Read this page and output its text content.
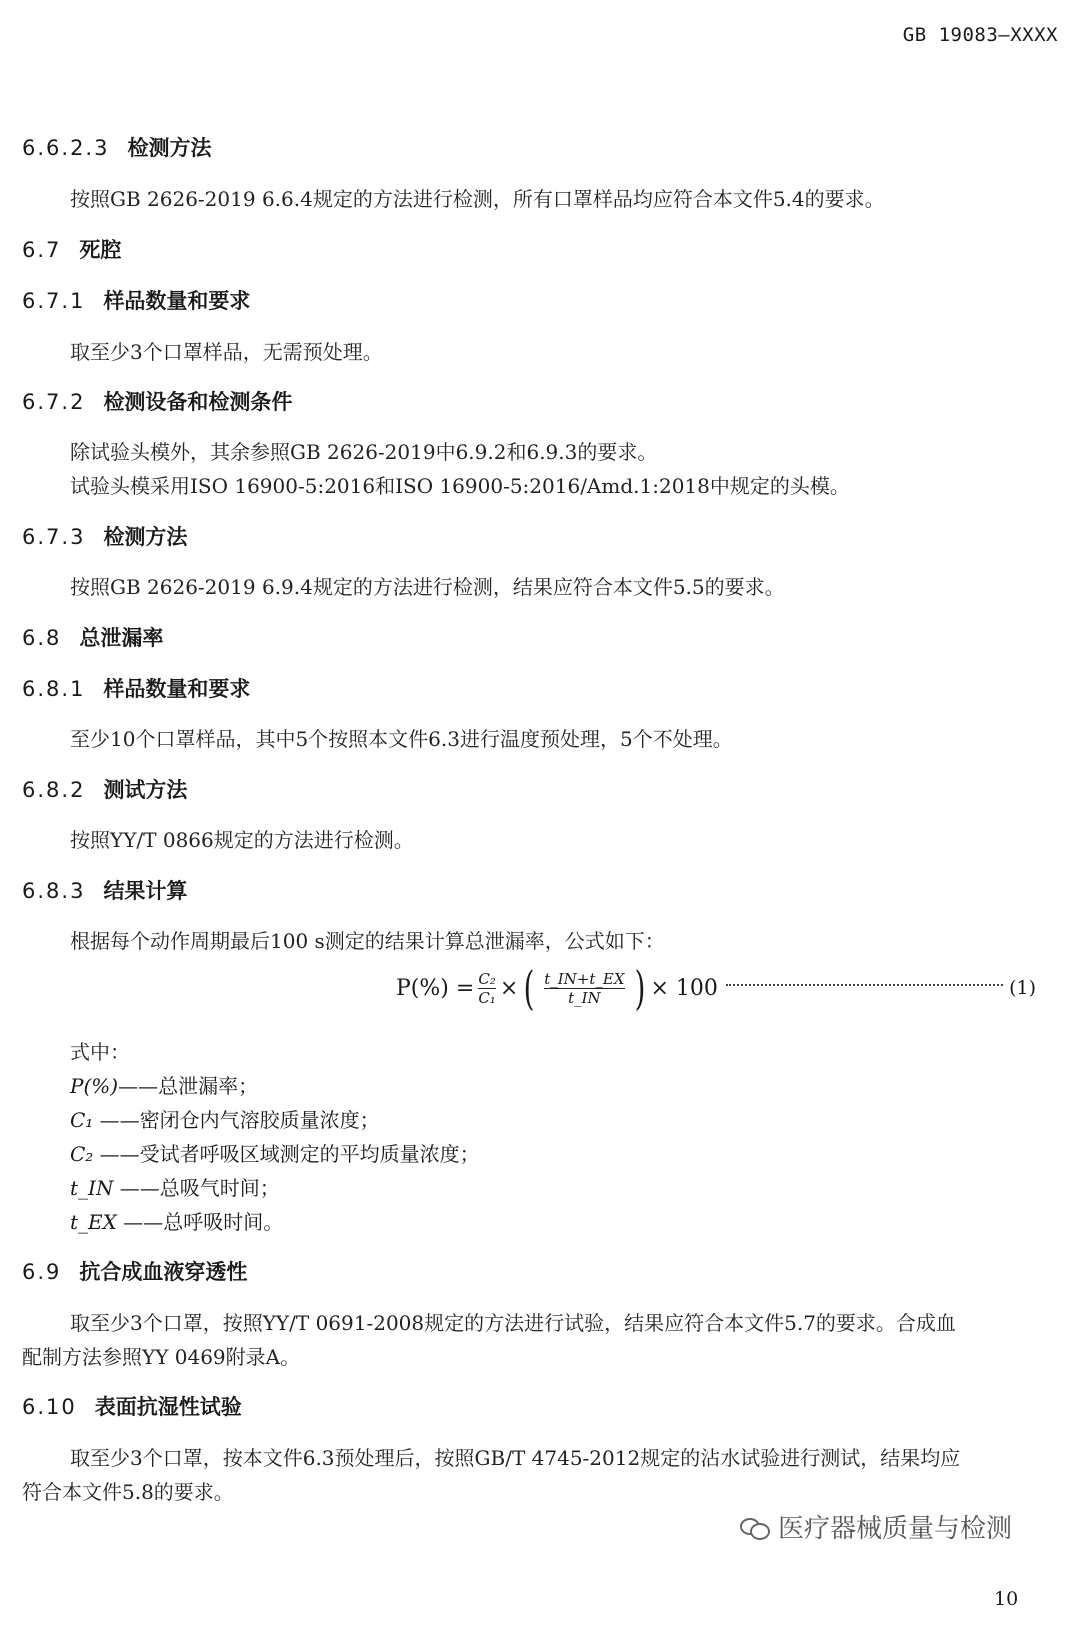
GB 19083—XXXX
6.6.2.3 检测方法
按照GB 2626-2019 6.6.4规定的方法进行检测，所有口罩样品均应符合本文件5.4的要求。
6.7 死腔
6.7.1 样品数量和要求
取至少3个口罩样品，无需预处理。
6.7.2 检测设备和检测条件
除试验头模外，其余参照GB 2626-2019中6.9.2和6.9.3的要求。
试验头模采用ISO 16900-5:2016和ISO 16900-5:2016/Amd.1:2018中规定的头模。
6.7.3 检测方法
按照GB 2626-2019 6.9.4规定的方法进行检测，结果应符合本文件5.5的要求。
6.8 总泄漏率
6.8.1 样品数量和要求
至少10个口罩样品，其中5个按照本文件6.3进行温度预处理，5个不处理。
6.8.2 测试方法
按照YY/T 0866规定的方法进行检测。
6.8.3 结果计算
根据每个动作周期最后100 s测定的结果计算总泄漏率，公式如下：
$P(\%) = \frac{\text{C₂}}{\text{C₁}}$ × ( $\frac{t\_IN+t\_EX}{t\_IN}$ ) × 100	(1)
式中：
P(%)——总泄漏率；
C₁ ——密闭仓内气溶胶质量浓度；
C₂ ——受试者呼吸区域测定的平均质量浓度；
t_IN ——总吸气时间；
t_EX ——总呼吸时间。
6.9 抗合成血液穿透性
取至少3个口罩，按照YY/T 0691-2008规定的方法进行试验，结果应符合本文件5.7的要求。合成血
配制方法参照YY 0469附录A。
6.10 表面抗湿性试验
取至少3个口罩，按本文件6.3预处理后，按照GB/T 4745-2012规定的沾水试验进行测试，结果均应
符合本文件5.8的要求。
医疗器械质量与检测
10
